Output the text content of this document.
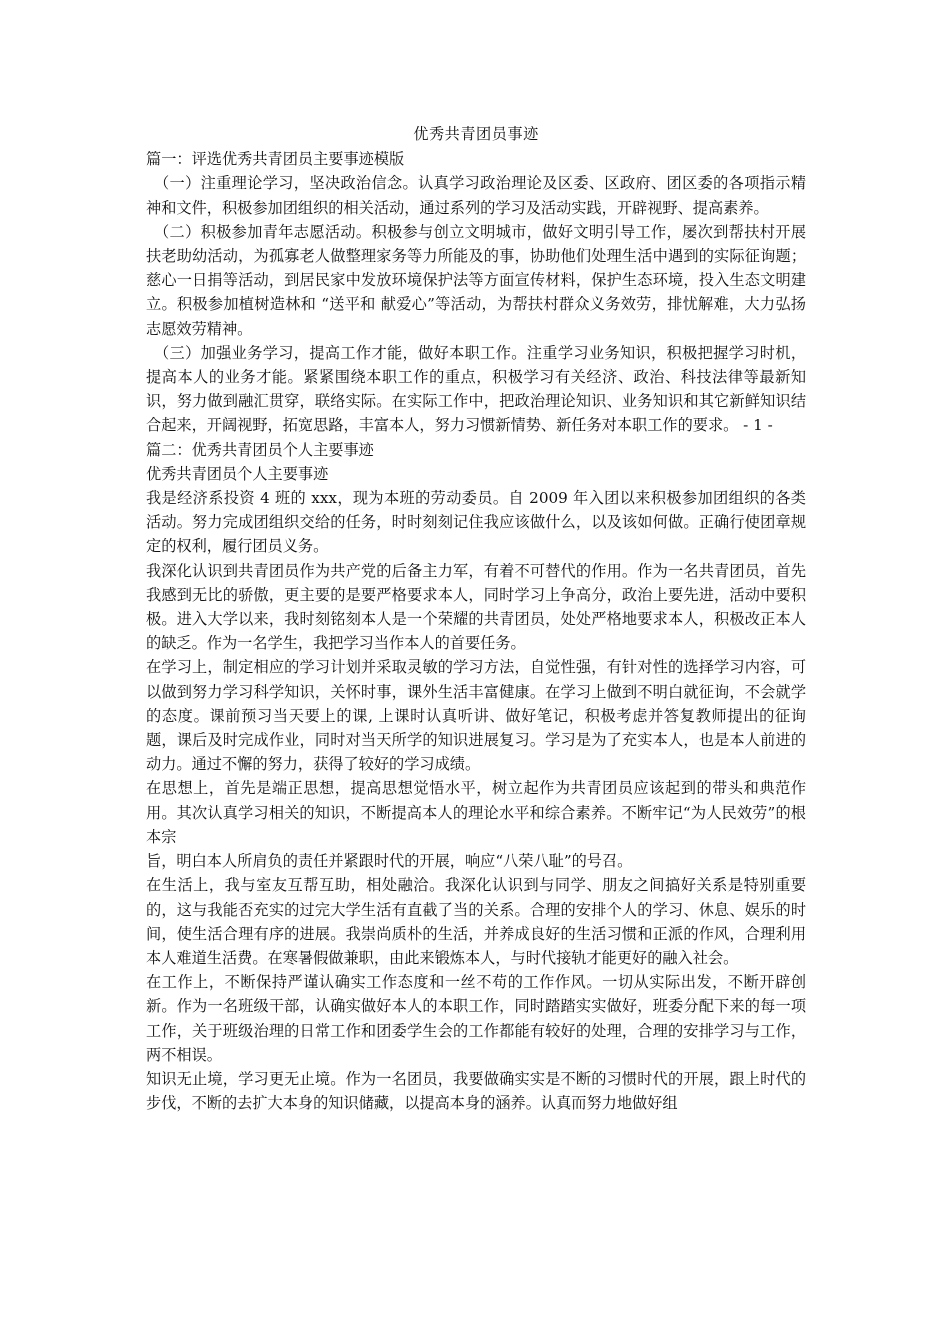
优秀共青团员事迹

篇一：评选优秀共青团员主要事迹模版

（一）注重理论学习，坚决政治信念。认真学习政治理论及区委、区政府、团区委的各项指示精神和文件，积极参加团组织的相关活动，通过系列的学习及活动实践，开辟视野、提高素养。

（二）积极参加青年志愿活动。积极参与创立文明城市，做好文明引导工作，屡次到帮扶村开展扶老助幼活动，为孤寡老人做整理家务等力所能及的事，协助他们处理生活中遇到的实际征询题；慈心一日捐等活动，到居民家中发放环境保护法等方面宣传材料，保护生态环境，投入生态文明建立。积极参加植树造林和 “送平和 献爱心”等活动，为帮扶村群众义务效劳，排忧解难，大力弘扬志愿效劳精神。

（三）加强业务学习，提高工作才能，做好本职工作。注重学习业务知识，积极把握学习时机，提高本人的业务才能。紧紧围绕本职工作的重点，积极学习有关经济、政治、科技法律等最新知识，努力做到融汇贯穿，联络实际。在实际工作中，把政治理论知识、业务知识和其它新鲜知识结合起来，开阔视野，拓宽思路，丰富本人，努力习惯新情势、新任务对本职工作的要求。 - 1 -

篇二：优秀共青团员个人主要事迹

优秀共青团员个人主要事迹

我是经济系投资 4 班的 xxx，现为本班的劳动委员。自 2009 年入团以来积极参加团组织的各类活动。努力完成团组织交给的任务，时时刻刻记住我应该做什么，以及该如何做。正确行使团章规定的权利，履行团员义务。

我深化认识到共青团员作为共产党的后备主力军，有着不可替代的作用。作为一名共青团员，首先我感到无比的骄傲，更主要的是要严格要求本人，同时学习上争高分，政治上要先进，活动中要积极。进入大学以来，我时刻铭刻本人是一个荣耀的共青团员，处处严格地要求本人，积极改正本人的缺乏。作为一名学生，我把学习当作本人的首要任务。

在学习上，制定相应的学习计划并采取灵敏的学习方法，自觉性强，有针对性的选择学习内容，可以做到努力学习科学知识，关怀时事，课外生活丰富健康。在学习上做到不明白就征询，不会就学的态度。课前预习当天要上的课, 上课时认真听讲、做好笔记，积极考虑并答复教师提出的征询题，课后及时完成作业，同时对当天所学的知识进展复习。学习是为了充实本人，也是本人前进的动力。通过不懈的努力，获得了较好的学习成绩。

在思想上，首先是端正思想，提高思想觉悟水平，树立起作为共青团员应该起到的带头和典范作用。其次认真学习相关的知识，不断提高本人的理论水平和综合素养。不断牢记“为人民效劳”的根本宗

旨，明白本人所肩负的责任并紧跟时代的开展，响应“八荣八耻”的号召。

在生活上，我与室友互帮互助，相处融洽。我深化认识到与同学、朋友之间搞好关系是特别重要的，这与我能否充实的过完大学生活有直截了当的关系。合理的安排个人的学习、休息、娱乐的时间，使生活合理有序的进展。我崇尚质朴的生活，并养成良好的生活习惯和正派的作风，合理利用本人难道生活费。在寒暑假做兼职，由此来锻炼本人，与时代接轨才能更好的融入社会。

在工作上，不断保持严谨认确实工作态度和一丝不苟的工作作风。一切从实际出发，不断开辟创新。作为一名班级干部，认确实做好本人的本职工作，同时踏踏实实做好，班委分配下来的每一项工作，关于班级治理的日常工作和团委学生会的工作都能有较好的处理，合理的安排学习与工作，两不相误。

知识无止境，学习更无止境。作为一名团员，我要做确实实是不断的习惯时代的开展，跟上时代的步伐，不断的去扩大本身的知识储藏，以提高本身的涵养。认真而努力地做好组
